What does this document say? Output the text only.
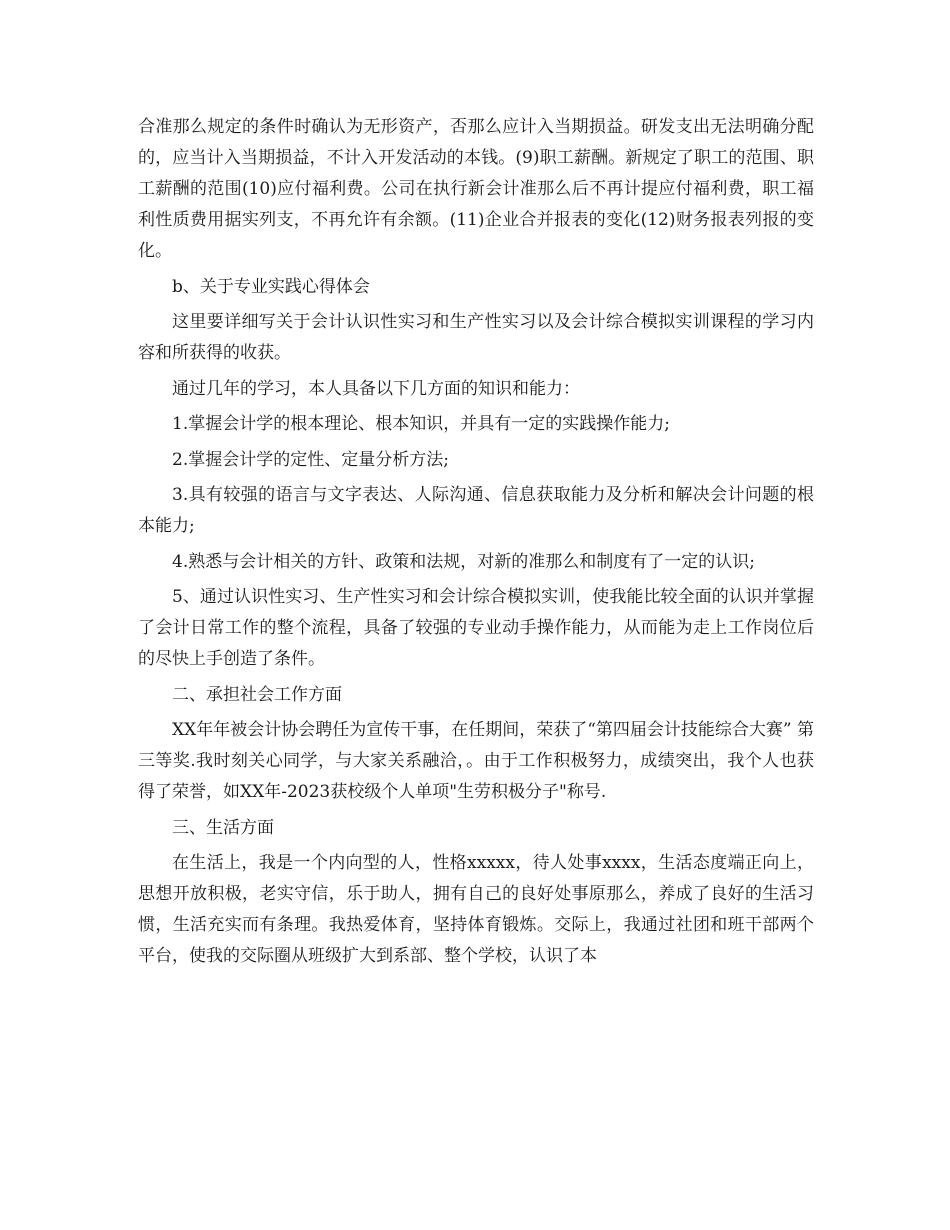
合准那么规定的条件时确认为无形资产，否那么应计入当期损益。研发支出无法明确分配的，应当计入当期损益，不计入开发活动的本钱。(9)职工薪酬。新规定了职工的范围、职工薪酬的范围(10)应付福利费。公司在执行新会计准那么后不再计提应付福利费，职工福利性质费用据实列支，不再允许有余额。(11)企业合并报表的变化(12)财务报表列报的变化。

b、关于专业实践心得体会

这里要详细写关于会计认识性实习和生产性实习以及会计综合模拟实训课程的学习内容和所获得的收获。

通过几年的学习，本人具备以下几方面的知识和能力：

1.掌握会计学的根本理论、根本知识，并具有一定的实践操作能力;

2.掌握会计学的定性、定量分析方法;

3.具有较强的语言与文字表达、人际沟通、信息获取能力及分析和解决会计问题的根本能力;

4.熟悉与会计相关的方针、政策和法规，对新的准那么和制度有了一定的认识;

5、通过认识性实习、生产性实习和会计综合模拟实训，使我能比较全面的认识并掌握了会计日常工作的整个流程，具备了较强的专业动手操作能力，从而能为走上工作岗位后的尽快上手创造了条件。

二、承担社会工作方面

XX年年被会计协会聘任为宣传干事，在任期间，荣获了“第四届会计技能综合大赛” 第三等奖.我时刻关心同学，与大家关系融洽，。由于工作积极努力，成绩突出，我个人也获得了荣誉，如XX年-2023获校级个人单项"生劳积极分子"称号.

三、生活方面

在生活上，我是一个内向型的人，性格xxxxx，待人处事xxxx，生活态度端正向上，思想开放积极，老实守信，乐于助人，拥有自己的良好处事原那么，养成了良好的生活习惯，生活充实而有条理。我热爱体育，坚持体育锻炼。交际上，我通过社团和班干部两个平台，使我的交际圈从班级扩大到系部、整个学校，认识了本
